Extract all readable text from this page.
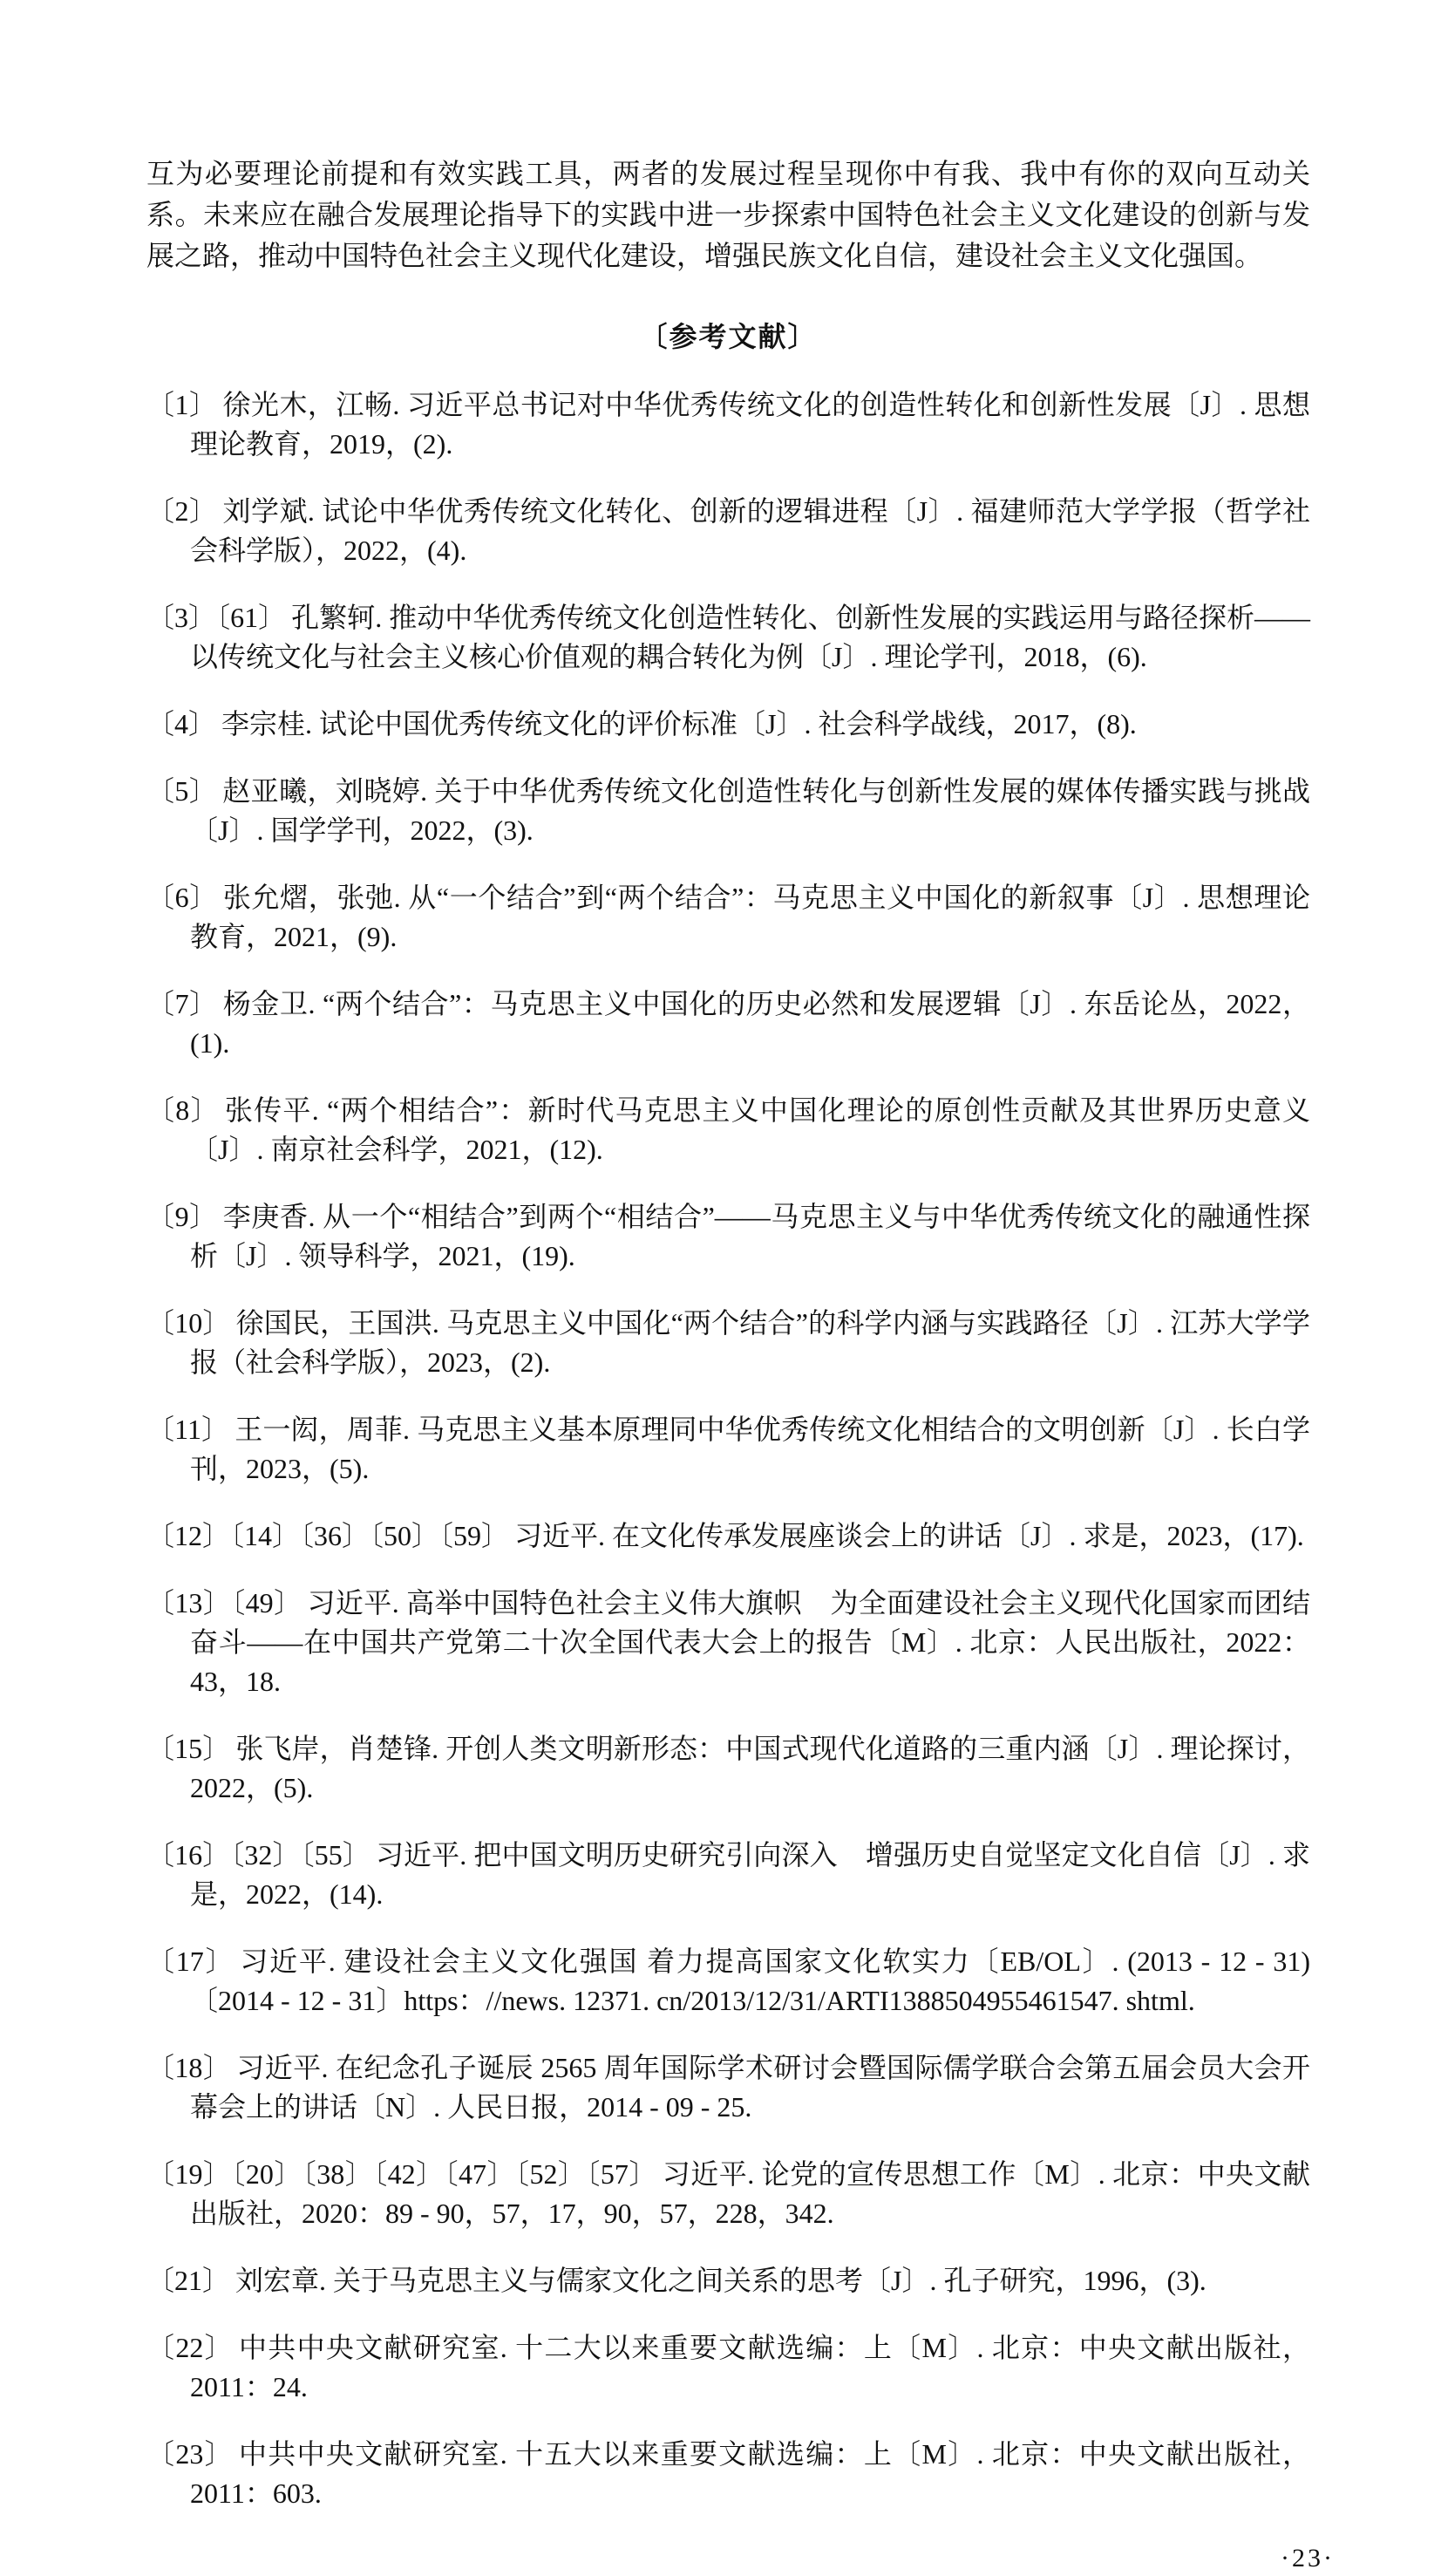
互为必要理论前提和有效实践工具，两者的发展过程呈现你中有我、我中有你的双向互动关系。未来应在融合发展理论指导下的实践中进一步探索中国特色社会主义文化建设的创新与发展之路，推动中国特色社会主义现代化建设，增强民族文化自信，建设社会主义文化强国。

〔参考文献〕

〔1〕 徐光木，江畅. 习近平总书记对中华优秀传统文化的创造性转化和创新性发展〔J〕. 思想理论教育，2019，(2).

〔2〕 刘学斌. 试论中华优秀传统文化转化、创新的逻辑进程〔J〕. 福建师范大学学报（哲学社会科学版），2022，(4).

〔3〕〔61〕 孔繁轲. 推动中华优秀传统文化创造性转化、创新性发展的实践运用与路径探析——以传统文化与社会主义核心价值观的耦合转化为例〔J〕. 理论学刊，2018，(6).

〔4〕 李宗桂. 试论中国优秀传统文化的评价标准〔J〕. 社会科学战线，2017，(8).

〔5〕 赵亚曦，刘晓婷. 关于中华优秀传统文化创造性转化与创新性发展的媒体传播实践与挑战〔J〕. 国学学刊，2022，(3).

〔6〕 张允熠，张弛. 从“一个结合”到“两个结合”：马克思主义中国化的新叙事〔J〕. 思想理论教育，2021，(9).

〔7〕 杨金卫. “两个结合”：马克思主义中国化的历史必然和发展逻辑〔J〕. 东岳论丛，2022，(1).

〔8〕 张传平. “两个相结合”：新时代马克思主义中国化理论的原创性贡献及其世界历史意义〔J〕. 南京社会科学，2021，(12).

〔9〕 李庚香. 从一个“相结合”到两个“相结合”——马克思主义与中华优秀传统文化的融通性探析〔J〕. 领导科学，2021，(19).

〔10〕 徐国民，王国洪. 马克思主义中国化“两个结合”的科学内涵与实践路径〔J〕. 江苏大学学报（社会科学版），2023，(2).

〔11〕 王一闳，周菲. 马克思主义基本原理同中华优秀传统文化相结合的文明创新〔J〕. 长白学刊，2023，(5).

〔12〕〔14〕〔36〕〔50〕〔59〕 习近平. 在文化传承发展座谈会上的讲话〔J〕. 求是，2023，(17).

〔13〕〔49〕 习近平. 高举中国特色社会主义伟大旗帜　为全面建设社会主义现代化国家而团结奋斗——在中国共产党第二十次全国代表大会上的报告〔M〕. 北京：人民出版社，2022：43，18.

〔15〕 张飞岸，肖楚锋. 开创人类文明新形态：中国式现代化道路的三重内涵〔J〕. 理论探讨，2022，(5).

〔16〕〔32〕〔55〕 习近平. 把中国文明历史研究引向深入　增强历史自觉坚定文化自信〔J〕. 求是，2022，(14).

〔17〕 习近平. 建设社会主义文化强国 着力提高国家文化软实力〔EB/OL〕. (2013 - 12 - 31)〔2014 - 12 - 31〕https：//news. 12371. cn/2013/12/31/ARTI1388504955461547. shtml.

〔18〕 习近平. 在纪念孔子诞辰 2565 周年国际学术研讨会暨国际儒学联合会第五届会员大会开幕会上的讲话〔N〕. 人民日报，2014 - 09 - 25.

〔19〕〔20〕〔38〕〔42〕〔47〕〔52〕〔57〕 习近平. 论党的宣传思想工作〔M〕. 北京：中央文献出版社，2020：89 - 90，57，17，90，57，228，342.

〔21〕 刘宏章. 关于马克思主义与儒家文化之间关系的思考〔J〕. 孔子研究，1996，(3).

〔22〕 中共中央文献研究室. 十二大以来重要文献选编：上〔M〕. 北京：中央文献出版社，2011：24.

〔23〕 中共中央文献研究室. 十五大以来重要文献选编：上〔M〕. 北京：中央文献出版社，2011：603.

·23·
